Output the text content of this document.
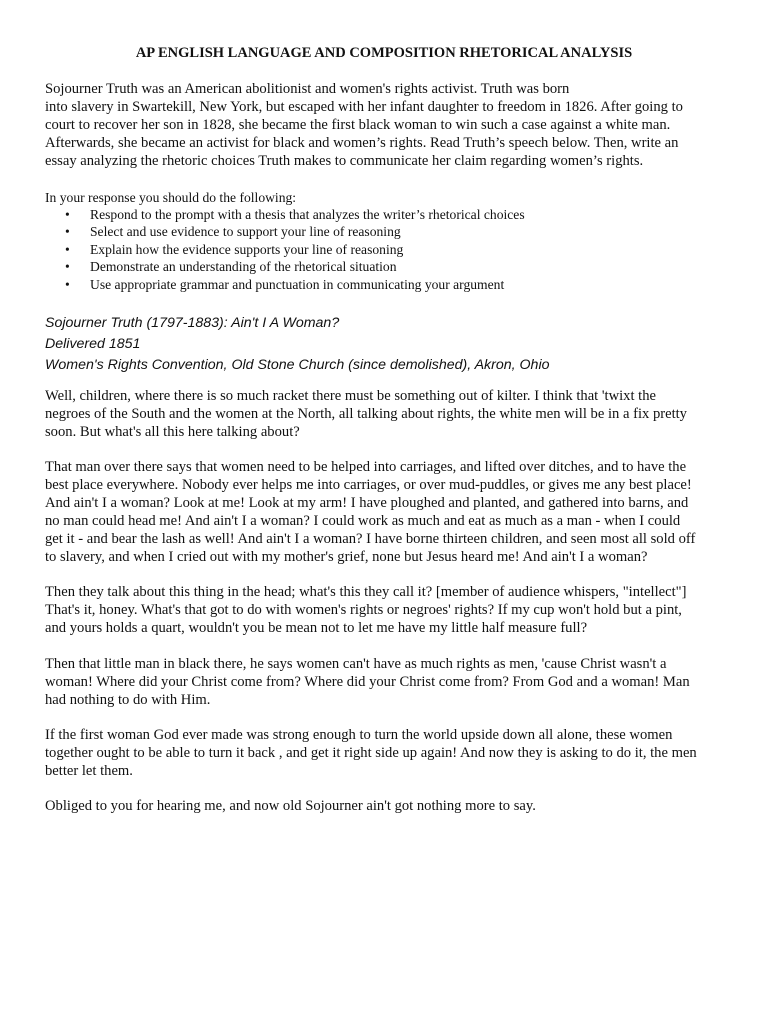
AP ENGLISH LANGUAGE AND COMPOSITION RHETORICAL ANALYSIS
Sojourner Truth was an American abolitionist and women's rights activist. Truth was born
into slavery in Swartekill, New York, but escaped with her infant daughter to freedom in 1826. After going to
court to recover her son in 1828, she became the first black woman to win such a case against a white man.
Afterwards, she became an activist for black and women’s rights. Read Truth’s speech below. Then, write an
essay analyzing the rhetoric choices Truth makes to communicate her claim regarding women’s rights.
In your response you should do the following:
• Respond to the prompt with a thesis that analyzes the writer’s rhetorical choices
• Select and use evidence to support your line of reasoning
• Explain how the evidence supports your line of reasoning
• Demonstrate an understanding of the rhetorical situation
• Use appropriate grammar and punctuation in communicating your argument
Sojourner Truth (1797-1883): Ain't I A Woman?
Delivered 1851
Women's Rights Convention, Old Stone Church (since demolished), Akron, Ohio
Well, children, where there is so much racket there must be something out of kilter. I think that 'twixt the
negroes of the South and the women at the North, all talking about rights, the white men will be in a fix pretty
soon. But what's all this here talking about?
That man over there says that women need to be helped into carriages, and lifted over ditches, and to have the
best place everywhere. Nobody ever helps me into carriages, or over mud-puddles, or gives me any best place!
And ain't I a woman? Look at me! Look at my arm! I have ploughed and planted, and gathered into barns, and
no man could head me! And ain't I a woman? I could work as much and eat as much as a man - when I could
get it - and bear the lash as well! And ain't I a woman? I have borne thirteen children, and seen most all sold off
to slavery, and when I cried out with my mother's grief, none but Jesus heard me! And ain't I a woman?
Then they talk about this thing in the head; what's this they call it? [member of audience whispers, "intellect"]
That's it, honey. What's that got to do with women's rights or negroes' rights? If my cup won't hold but a pint,
and yours holds a quart, wouldn't you be mean not to let me have my little half measure full?
Then that little man in black there, he says women can't have as much rights as men, 'cause Christ wasn't a
woman! Where did your Christ come from? Where did your Christ come from? From God and a woman! Man
had nothing to do with Him.
If the first woman God ever made was strong enough to turn the world upside down all alone, these women
together ought to be able to turn it back , and get it right side up again! And now they is asking to do it, the men
better let them.
Obliged to you for hearing me, and now old Sojourner ain't got nothing more to say.
